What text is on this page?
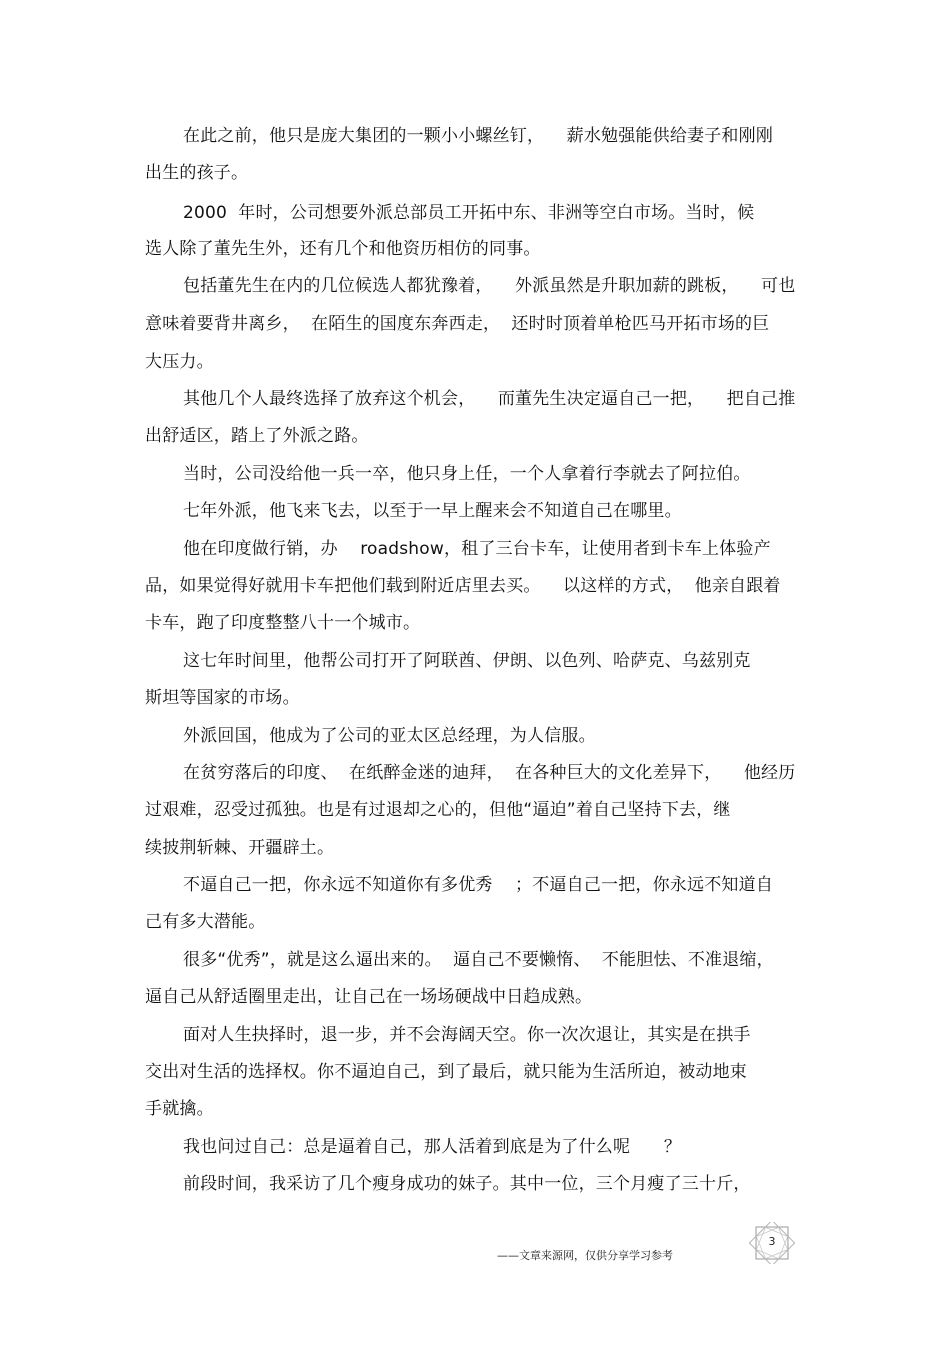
在此之前，他只是庞大集团的一颗小小螺丝钉，    薪水勉强能供给妻子和刚刚
出生的孩子。
2000  年时，公司想要外派总部员工开拓中东、非洲等空白市场。当时，候
选人除了董先生外，还有几个和他资历相仿的同事。
包括董先生在内的几位候选人都犹豫着，    外派虽然是升职加薪的跳板，    可也
意味着要背井离乡，  在陌生的国度东奔西走，  还时时顶着单枪匹马开拓市场的巨
大压力。
其他几个人最终选择了放弃这个机会，    而董先生决定逼自己一把，    把自己推
出舒适区，踏上了外派之路。
当时，公司没给他一兵一卒，他只身上任，一个人拿着行李就去了阿拉伯。
七年外派，他飞来飞去，以至于一早上醒来会不知道自己在哪里。
他在印度做行销，办    roadshow，租了三台卡车，让使用者到卡车上体验产
品，如果觉得好就用卡车把他们载到附近店里去买。    以这样的方式，  他亲自跟着
卡车，跑了印度整整八十一个城市。
这七年时间里，他帮公司打开了阿联酋、伊朗、以色列、哈萨克、乌兹别克
斯坦等国家的市场。
外派回国，他成为了公司的亚太区总经理，为人信服。
在贫穷落后的印度、  在纸醉金迷的迪拜，  在各种巨大的文化差异下，    他经历
过艰难，忍受过孤独。也是有过退却之心的，但他“逼迫”着自己坚持下去，继
续披荆斩棘、开疆辟土。
不逼自己一把，你永远不知道你有多优秀    ；不逼自己一把，你永远不知道自
己有多大潜能。
很多“优秀”，就是这么逼出来的。  逼自己不要懒惰、  不能胆怯、不准退缩，
逼自己从舒适圈里走出，让自己在一场场硬战中日趋成熟。
面对人生抉择时，退一步，并不会海阔天空。你一次次退让，其实是在拱手
交出对生活的选择权。你不逼迫自己，到了最后，就只能为生活所迫，被动地束
手就擒。
我也问过自己：总是逼着自己，那人活着到底是为了什么呢      ？
前段时间，我采访了几个瘦身成功的妹子。其中一位，三个月瘦了三十斤，
——文章来源网，仅供分享学习参考
3
